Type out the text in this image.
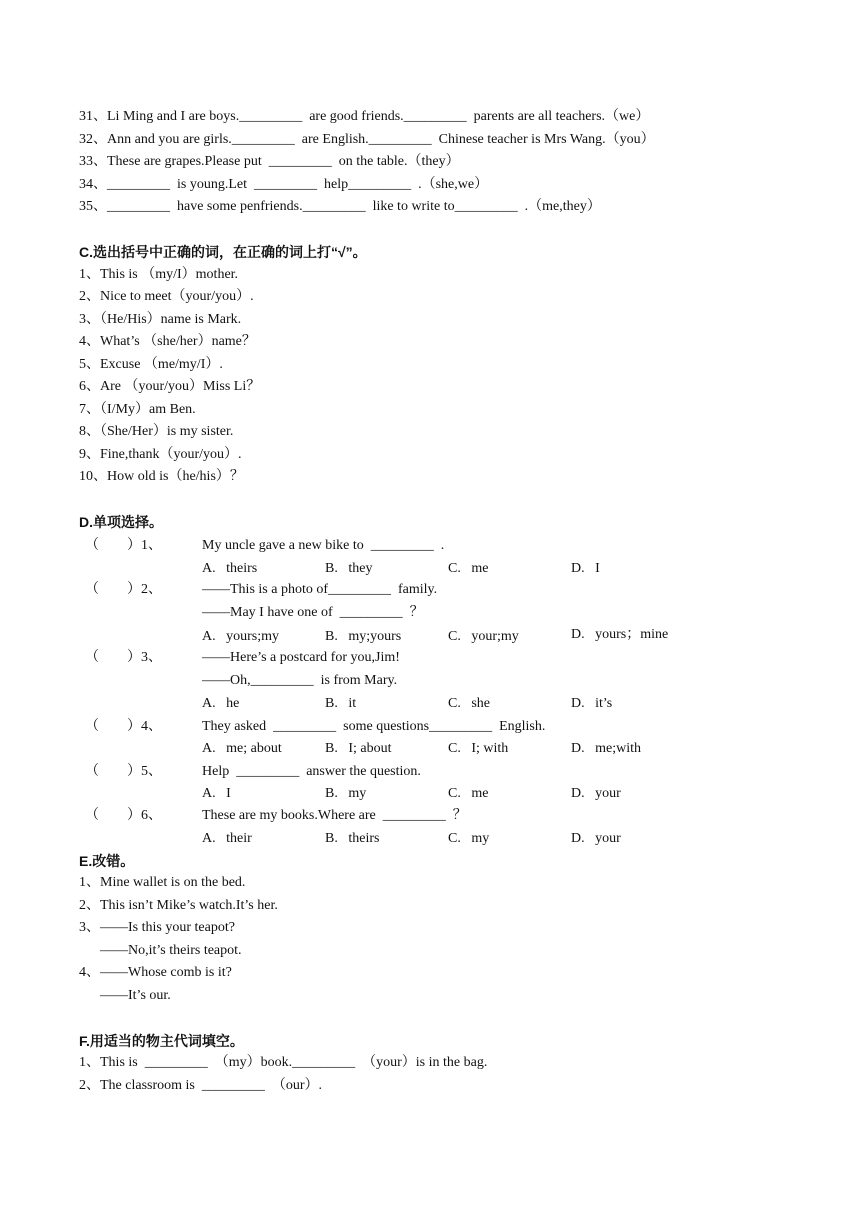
31、Li Ming and I are boys._________  are good friends._________  parents are all teachers.（we）
32、Ann and you are girls._________  are English._________  Chinese teacher is Mrs Wang.（you）
33、These are grapes.Please put  _________  on the table.（they）
34、_________  is young.Let  _________  help_________  .（she,we）
35、_________  have some penfriends._________  like to write to_________  .（me,they）
C.选出括号中正确的词，在正确的词上打“√”。
1、This is （my/I）mother.
2、Nice to meet（your/you）.
3、（He/His）name is Mark.
4、What’s （she/her）name？
5、Excuse （me/my/I）.
6、Are （your/you）Miss Li？
7、（I/My）am Ben.
8、（She/Her）is my sister.
9、Fine,thank（your/you）.
10、How old is（he/his）？
D.单项选择。
（        ）1、	My uncle gave a new bike to  _________  .
A.   theirs	B.   they	C.   me	D.   I
（        ）2、	——This is a photo of_________  family.
——May I have one of  _________  ？
A.   yours;my	B.   my;yours	C.   your;my	D.   yours；mine
（        ）3、	——Here’s a postcard for you,Jim!
——Oh,_________  is from Mary.
A.   he	B.   it	C.   she	D.   it’s
（        ）4、	They asked  _________  some questions_________  English.
A.   me; about	B.   I; about	C.   I; with	D.   me;with
（        ）5、	Help  _________  answer the question.
A.   I	B.   my	C.   me	D.   your
（        ）6、	These are my books.Where are  _________  ？
A.   their	B.   theirs	C.   my	D.   your
E.改错。
1、Mine wallet is on the bed.
2、This isn’t Mike’s watch.It’s her.
3、——Is this your teapot?
——No,it’s theirs teapot.
4、——Whose comb is it?
——It’s our.
F.用适当的物主代词填空。
1、This is  _________  （my）book._________  （your）is in the bag.
2、The classroom is  _________  （our）.
